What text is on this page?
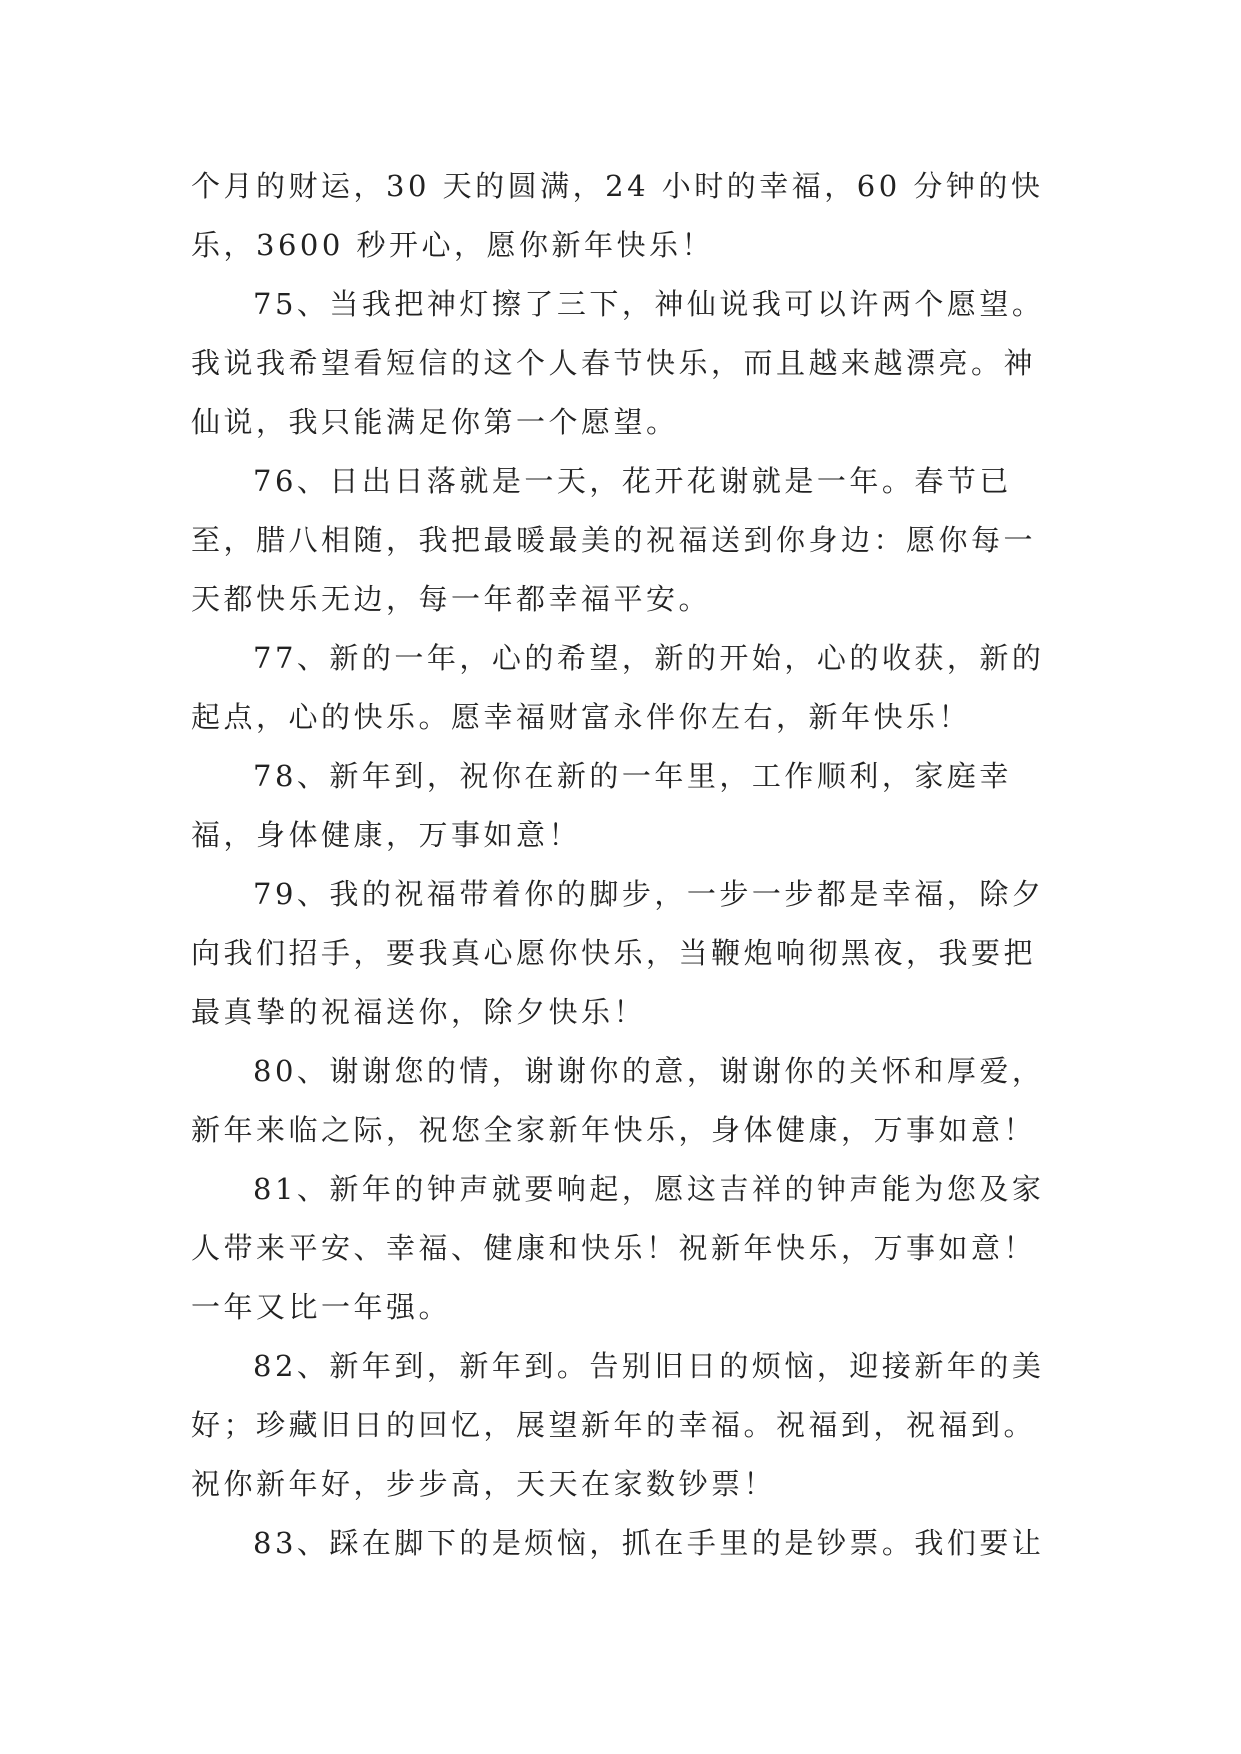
个月的财运，30 天的圆满，24 小时的幸福，60 分钟的快乐，3600 秒开心，愿你新年快乐！

75、当我把神灯擦了三下，神仙说我可以许两个愿望。我说我希望看短信的这个人春节快乐，而且越来越漂亮。神仙说，我只能满足你第一个愿望。

76、日出日落就是一天，花开花谢就是一年。春节已至，腊八相随，我把最暖最美的祝福送到你身边：愿你每一天都快乐无边，每一年都幸福平安。

77、新的一年，心的希望，新的开始，心的收获，新的起点，心的快乐。愿幸福财富永伴你左右，新年快乐！

78、新年到，祝你在新的一年里，工作顺利，家庭幸福，身体健康，万事如意！

79、我的祝福带着你的脚步，一步一步都是幸福，除夕向我们招手，要我真心愿你快乐，当鞭炮响彻黑夜，我要把最真挚的祝福送你，除夕快乐！

80、谢谢您的情，谢谢你的意，谢谢你的关怀和厚爱，新年来临之际，祝您全家新年快乐，身体健康，万事如意！

81、新年的钟声就要响起，愿这吉祥的钟声能为您及家人带来平安、幸福、健康和快乐！祝新年快乐，万事如意！一年又比一年强。

82、新年到，新年到。告别旧日的烦恼，迎接新年的美好；珍藏旧日的回忆，展望新年的幸福。祝福到，祝福到。祝你新年好，步步高，天天在家数钞票！

83、踩在脚下的是烦恼，抓在手里的是钞票。我们要让
